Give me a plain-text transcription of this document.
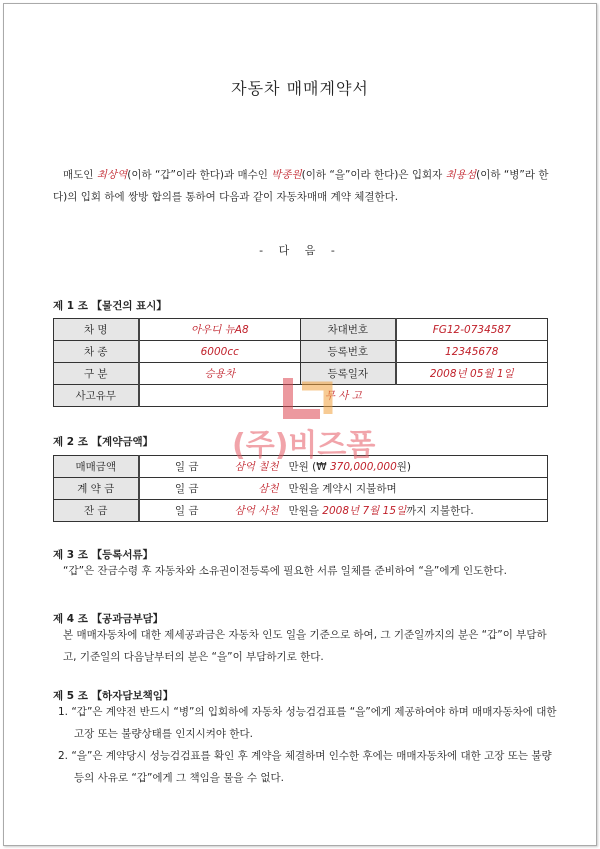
자동차 매매계약서
매도인 최상역(이하 “갑”이라 한다)과 매수인 박종원(이하 “을”이라 한다)은 입회자 최용섬(이하 “병”라 한다)의 입회 하에 쌍방 합의를 통하여 다음과 같이 자동차매매 계약 체결한다.
- 다 음 -
제 1 조 【물건의 표시】
차 명	아우디 뉴A8	차대번호	FG12-0734587
차 종	6000cc	등록번호	12345678
구 분	승용차	등록일자	2008년 05월 1일
사고유무	무 사 고		
제 2 조 【계약금액】
매매금액	일 금	삼억 칠천	만원 (₩ 370,000,000원)
계 약 금	일 금	삼천	만원을 계약시 지불하며
잔 금	일 금	삼억 사천	만원을 2008년 7월 15일까지 지불한다.
제 3 조 【등록서류】
“갑”은 잔금수령 후 자동차와 소유권이전등록에 필요한 서류 일체를 준비하여 “을”에게 인도한다.
제 4 조 【공과금부담】
본 매매자동차에 대한 제세공과금은 자동차 인도 일을 기준으로 하여, 그 기준일까지의 분은 “갑”이 부담하고, 기준일의 다음날부터의 분은 “을”이 부담하기로 한다.
제 5 조 【하자담보책임】
1. “갑”은 계약전 반드시 “병”의 입회하에 자동차 성능검검표를 “을”에게 제공하여야 하며 매매자동차에 대한 고장 또는 불량상태를 인지시켜야 한다.
2. “을”은 계약당시 성능검검표를 확인 후 계약을 체결하며 인수한 후에는 매매자동차에 대한 고장 또는 불량 등의 사유로 “갑”에게 그 책임을 물을 수 없다.
(주)비즈폼
